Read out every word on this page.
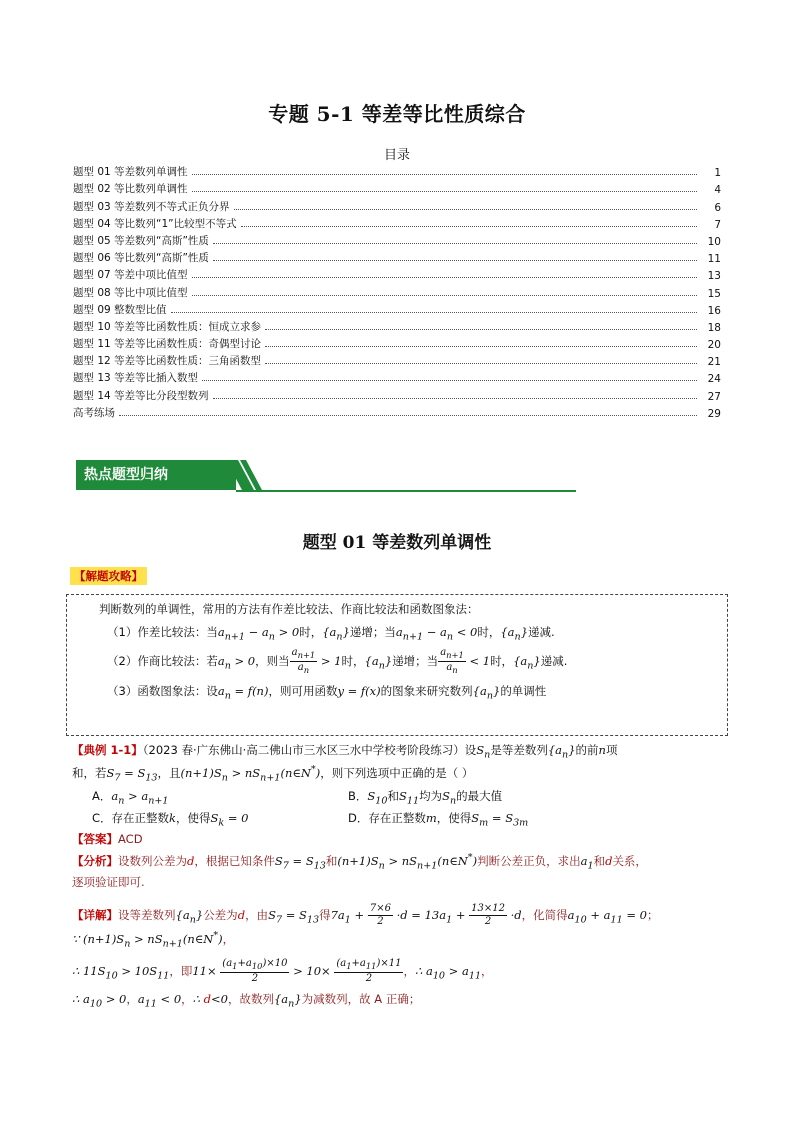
专题 5-1 等差等比性质综合
目录
题型 01 等差数列单调性	1
题型 02 等比数列单调性	4
题型 03 等差数列不等式正负分界	6
题型 04 等比数列“1”比较型不等式	7
题型 05 等差数列“高斯”性质	10
题型 06 等比数列“高斯”性质	11
题型 07 等差中项比值型	13
题型 08 等比中项比值型	15
题型 09 整数型比值	16
题型 10 等差等比函数性质：恒成立求参	18
题型 11 等差等比函数性质：奇偶型讨论	20
题型 12 等差等比函数性质：三角函数型	21
题型 13 等差等比插入数型	24
题型 14 等差等比分段型数列	27
高考练场	29
热点题型归纳
题型 01 等差数列单调性
【解题攻略】

判断数列的单调性，常用的方法有作差比较法、作商比较法和函数图象法：

（1）作差比较法：当$a_{n+1} - a_n > 0$时，$\{a_n\}$递增；当$a_{n+1} - a_n < 0$时，$\{a_n\}$递减.

（2）作商比较法：若$a_n > 0$，则当 $\frac{a_{n+1}}{a_n} > 1$时，$\{a_n\}$递增；当 $\frac{a_{n+1}}{a_n} < 1$时，$\{a_n\}$递减.

（3）函数图象法：设$a_n = f(n)$，则可用函数y = f(x)的图象来研究数列$\{a_n\}$的单调性

【典例 1-1】（2023 春·广东佛山·高二佛山市三水区三水中学校考阶段练习）设$S_n$是等差数列$\{a_n\}$的前n项
和，若$S_7 = S_{13}$，且$(n+1)S_n$ > $nS_{n+1}(n\in N^*)$，则下列选项中正确的是（ ）
A．$a_n > a_{n+1}$	B．$S_{10}$和$S_{11}$均为$S_n$的最大值
C．存在正整数k，使得$S_k = 0$	D．存在正整数m，使得$S_m = S_{3m}$
【答案】ACD
【分析】设数列公差为d，根据已知条件$S_7 = S_{13}$和$(n+1)S_n$ > $nS_{n+1}(n\in N^*)$判断公差正负，求出$a_1$和d关系，
逐项验证即可.
【详解】设等差数列$\{a_n\}$公差为d，由$S_7 = S_{13}$得$7a_1 + \frac{7\times 6}{2} \cdot d = 13a_1 + \frac{13\times 12}{2} \cdot d$，化简得$a_{10} + a_{11} = 0$；
∵ $(n+1)S_n$ > $nS_{n+1}(n\in N^*)$，
∴ $11S_{10} > 10S_{11}$，即$11\times \frac{(a_1+a_{10})\times 10}{2} > 10\times \frac{(a_1+a_{11})\times 11}{2}$ ，∴ $a_{10} > a_{11}$，
∴ $a_{10} > 0$，$a_{11} < 0$，∴ d<0，故数列$\{a_n\}$为减数列，故 A 正确；
